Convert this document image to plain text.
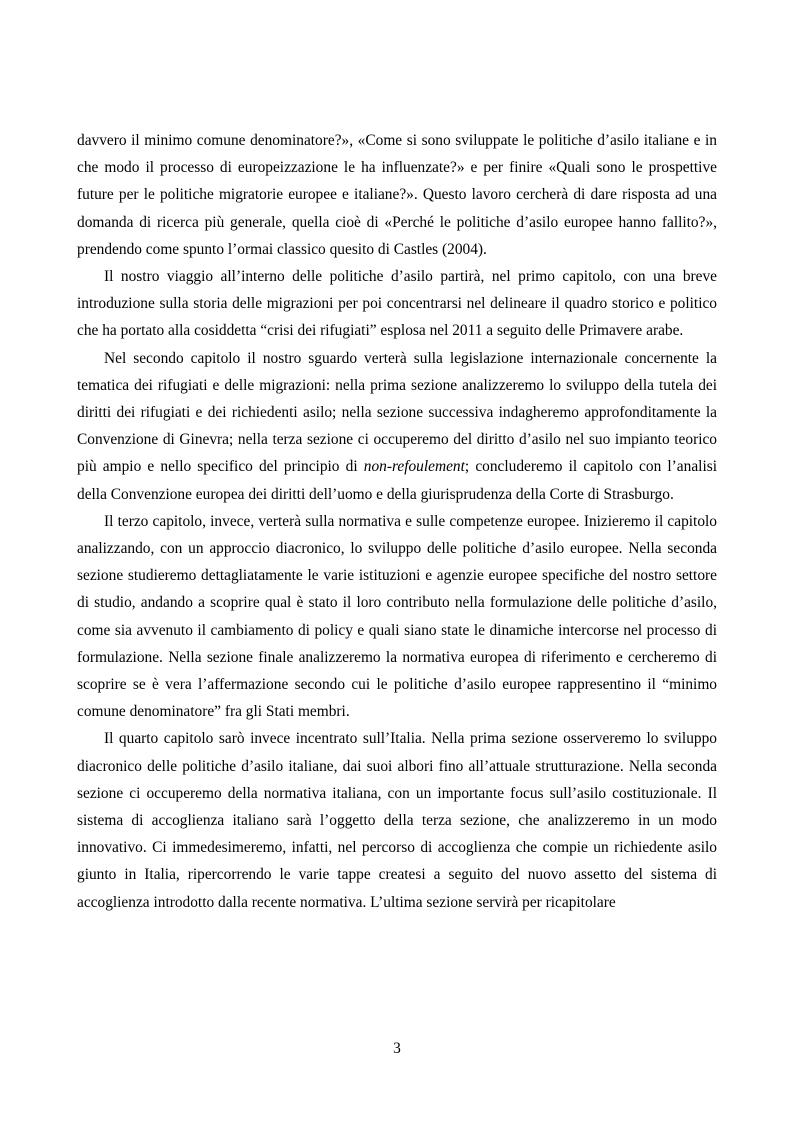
davvero il minimo comune denominatore?», «Come si sono sviluppate le politiche d’asilo italiane e in che modo il processo di europeizzazione le ha influenzate?» e per finire «Quali sono le prospettive future per le politiche migratorie europee e italiane?». Questo lavoro cercherà di dare risposta ad una domanda di ricerca più generale, quella cioè di «Perché le politiche d’asilo europee hanno fallito?», prendendo come spunto l’ormai classico quesito di Castles (2004).

Il nostro viaggio all’interno delle politiche d’asilo partirà, nel primo capitolo, con una breve introduzione sulla storia delle migrazioni per poi concentrarsi nel delineare il quadro storico e politico che ha portato alla cosiddetta “crisi dei rifugiati” esplosa nel 2011 a seguito delle Primavere arabe.

Nel secondo capitolo il nostro sguardo verterà sulla legislazione internazionale concernente la tematica dei rifugiati e delle migrazioni: nella prima sezione analizzeremo lo sviluppo della tutela dei diritti dei rifugiati e dei richiedenti asilo; nella sezione successiva indagheremo approfonditamente la Convenzione di Ginevra; nella terza sezione ci occuperemo del diritto d’asilo nel suo impianto teorico più ampio e nello specifico del principio di non-refoulement; concluderemo il capitolo con l’analisi della Convenzione europea dei diritti dell’uomo e della giurisprudenza della Corte di Strasburgo.

Il terzo capitolo, invece, verterà sulla normativa e sulle competenze europee. Inizieremo il capitolo analizzando, con un approccio diacronico, lo sviluppo delle politiche d’asilo europee. Nella seconda sezione studieremo dettagliatamente le varie istituzioni e agenzie europee specifiche del nostro settore di studio, andando a scoprire qual è stato il loro contributo nella formulazione delle politiche d’asilo, come sia avvenuto il cambiamento di policy e quali siano state le dinamiche intercorse nel processo di formulazione. Nella sezione finale analizzeremo la normativa europea di riferimento e cercheremo di scoprire se è vera l’affermazione secondo cui le politiche d’asilo europee rappresentino il “minimo comune denominatore” fra gli Stati membri.

Il quarto capitolo sarò invece incentrato sull’Italia. Nella prima sezione osserveremo lo sviluppo diacronico delle politiche d’asilo italiane, dai suoi albori fino all’attuale strutturazione. Nella seconda sezione ci occuperemo della normativa italiana, con un importante focus sull’asilo costituzionale. Il sistema di accoglienza italiano sarà l’oggetto della terza sezione, che analizzeremo in un modo innovativo. Ci immedesimeremo, infatti, nel percorso di accoglienza che compie un richiedente asilo giunto in Italia, ripercorrendo le varie tappe createsi a seguito del nuovo assetto del sistema di accoglienza introdotto dalla recente normativa. L’ultima sezione servirà per ricapitolare

3
